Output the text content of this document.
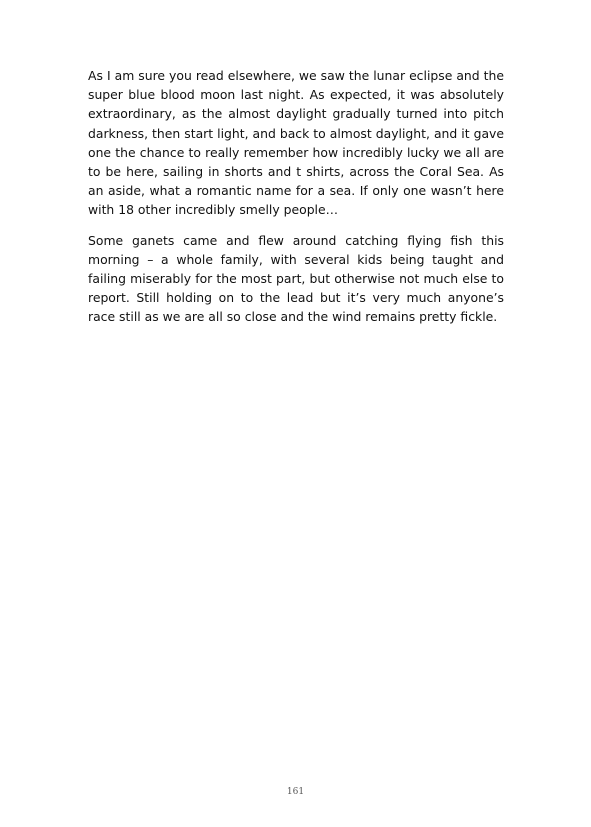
As I am sure you read elsewhere, we saw the lunar eclipse and the super blue blood moon last night. As expected, it was absolutely extraordinary, as the almost daylight gradually turned into pitch darkness, then start light, and back to almost daylight, and it gave one the chance to really remember how incredibly lucky we all are to be here, sailing in shorts and t shirts, across the Coral Sea. As an aside, what a romantic name for a sea. If only one wasn’t here with 18 other incredibly smelly people…

Some ganets came and flew around catching flying fish this morning – a whole family, with several kids being taught and failing miserably for the most part, but otherwise not much else to report. Still holding on to the lead but it’s very much anyone’s race still as we are all so close and the wind remains pretty fickle.

161
